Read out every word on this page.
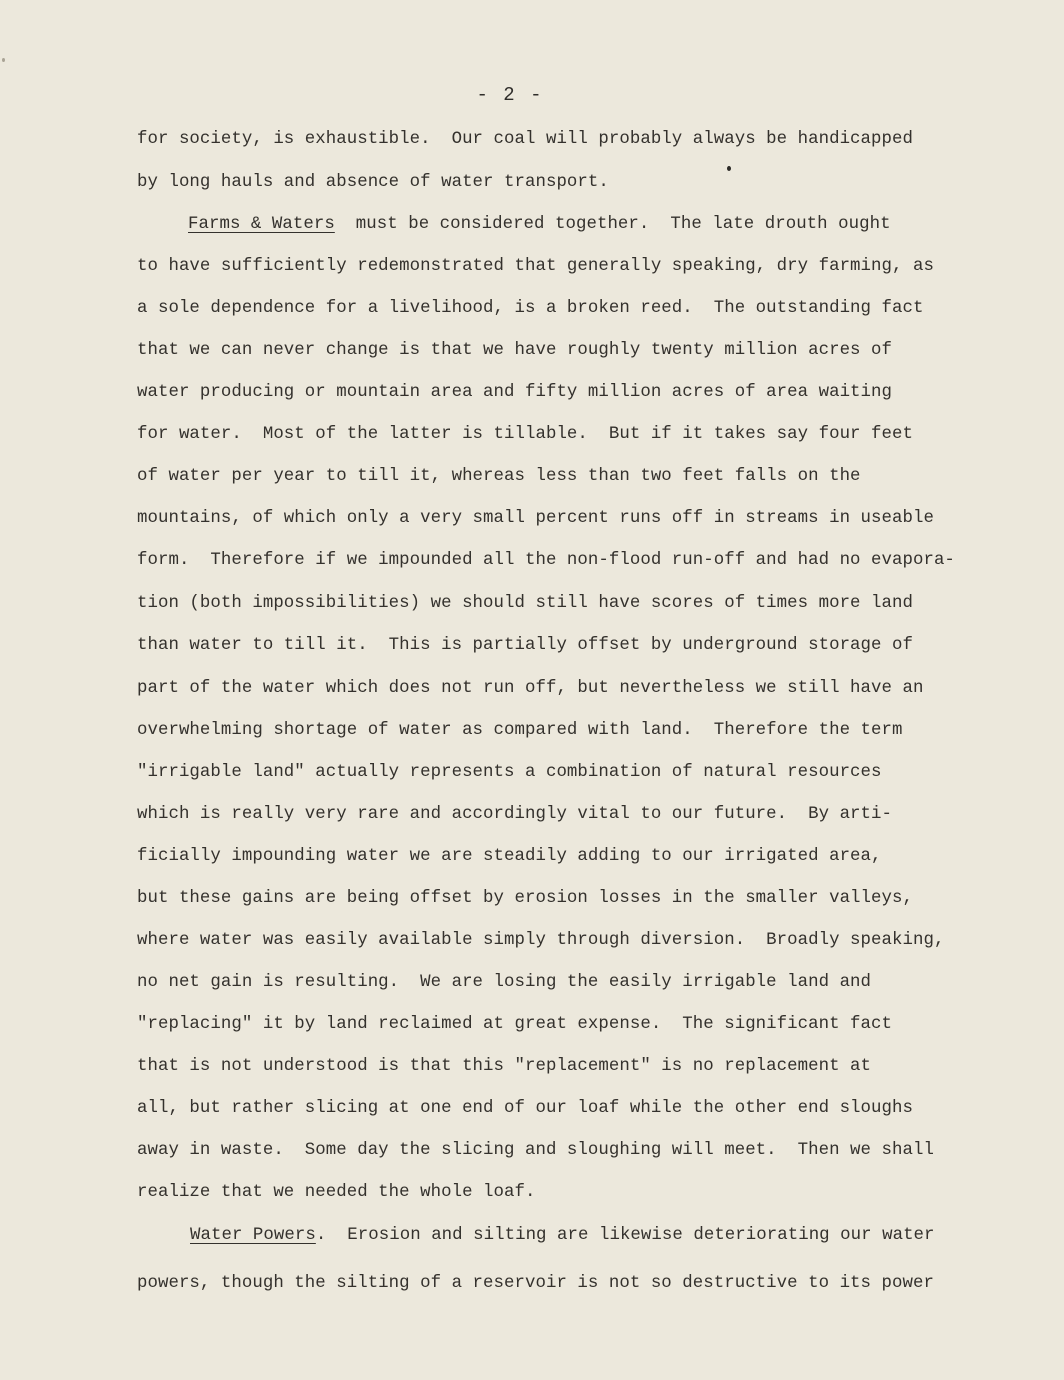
- 2 -

for society, is exhaustible.  Our coal will probably always be handicapped

by long hauls and absence of water transport.

Farms & Waters  must be considered together.  The late drouth ought

to have sufficiently redemonstrated that generally speaking, dry farming, as

a sole dependence for a livelihood, is a broken reed.  The outstanding fact

that we can never change is that we have roughly twenty million acres of

water producing or mountain area and fifty million acres of area waiting

for water.  Most of the latter is tillable.  But if it takes say four feet

of water per year to till it, whereas less than two feet falls on the

mountains, of which only a very small percent runs off in streams in useable

form.  Therefore if we impounded all the non-flood run-off and had no evapora-

tion (both impossibilities) we should still have scores of times more land

than water to till it.  This is partially offset by underground storage of

part of the water which does not run off, but nevertheless we still have an

overwhelming shortage of water as compared with land.  Therefore the term

"irrigable land" actually represents a combination of natural resources

which is really very rare and accordingly vital to our future.  By arti-

ficially impounding water we are steadily adding to our irrigated area,

but these gains are being offset by erosion losses in the smaller valleys,

where water was easily available simply through diversion.  Broadly speaking,

no net gain is resulting.  We are losing the easily irrigable land and

"replacing" it by land reclaimed at great expense.  The significant fact

that is not understood is that this "replacement" is no replacement at

all, but rather slicing at one end of our loaf while the other end sloughs

away in waste.  Some day the slicing and sloughing will meet.  Then we shall

realize that we needed the whole loaf.

Water Powers.  Erosion and silting are likewise deteriorating our water

powers, though the silting of a reservoir is not so destructive to its power
